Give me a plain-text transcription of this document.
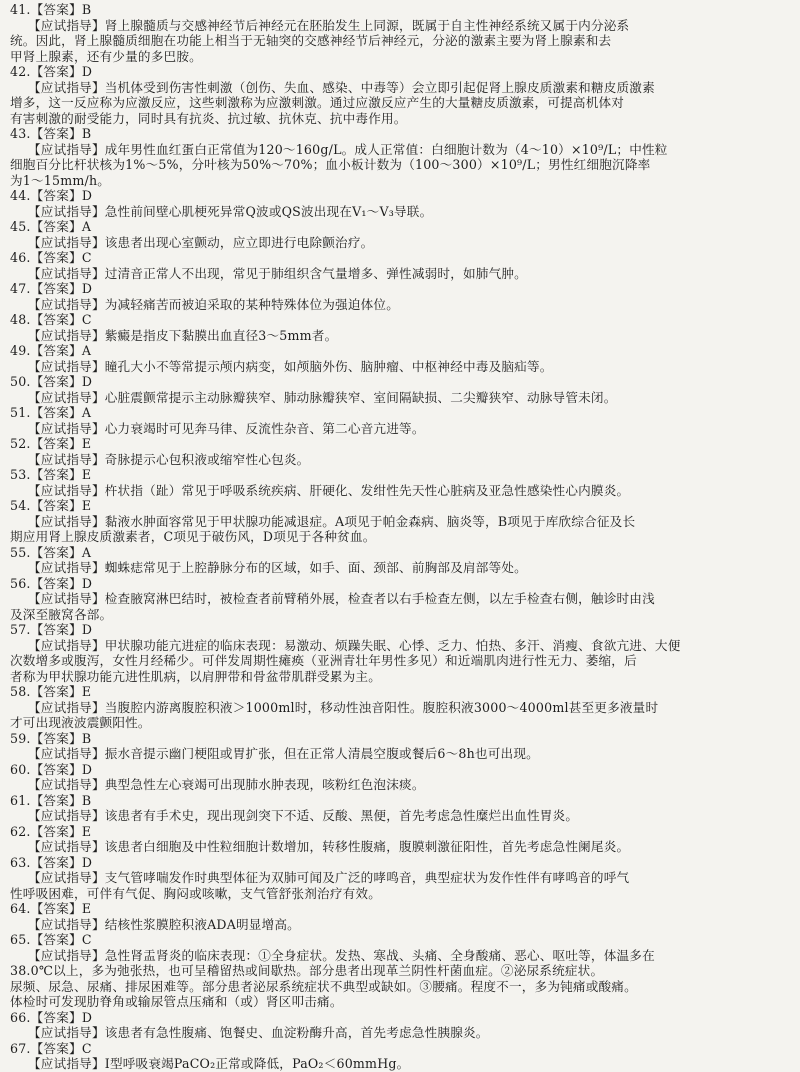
41.【答案】B
【应试指导】肾上腺髓质与交感神经节后神经元在胚胎发生上同源，既属于自主性神经系统又属于内分泌系
统。因此，肾上腺髓质细胞在功能上相当于无轴突的交感神经节后神经元，分泌的激素主要为肾上腺素和去
甲肾上腺素，还有少量的多巴胺。
42.【答案】D
【应试指导】当机体受到伤害性刺激（创伤、失血、感染、中毒等）会立即引起促肾上腺皮质激素和糖皮质激素
增多，这一反应称为应激反应，这些刺激称为应激刺激。通过应激反应产生的大量糖皮质激素，可提高机体对
有害刺激的耐受能力，同时具有抗炎、抗过敏、抗休克、抗中毒作用。
43.【答案】B
【应试指导】成年男性血红蛋白正常值为120～160g/L。成人正常值：白细胞计数为（4～10）×10⁹/L；中性粒
细胞百分比杆状核为1%～5%，分叶核为50%～70%；血小板计数为（100～300）×10⁹/L；男性红细胞沉降率
为1～15mm/h。
44.【答案】D
【应试指导】急性前间壁心肌梗死异常Q波或QS波出现在V₁～V₃导联。
45.【答案】A
【应试指导】该患者出现心室颤动，应立即进行电除颤治疗。
46.【答案】C
【应试指导】过清音正常人不出现，常见于肺组织含气量增多、弹性减弱时，如肺气肿。
47.【答案】D
【应试指导】为减轻痛苦而被迫采取的某种特殊体位为强迫体位。
48.【答案】C
【应试指导】紫癜是指皮下黏膜出血直径3～5mm者。
49.【答案】A
【应试指导】瞳孔大小不等常提示颅内病变，如颅脑外伤、脑肿瘤、中枢神经中毒及脑疝等。
50.【答案】D
【应试指导】心脏震颤常提示主动脉瓣狭窄、肺动脉瓣狭窄、室间隔缺损、二尖瓣狭窄、动脉导管未闭。
51.【答案】A
【应试指导】心力衰竭时可见奔马律、反流性杂音、第二心音亢进等。
52.【答案】E
【应试指导】奇脉提示心包积液或缩窄性心包炎。
53.【答案】E
【应试指导】杵状指（趾）常见于呼吸系统疾病、肝硬化、发绀性先天性心脏病及亚急性感染性心内膜炎。
54.【答案】E
【应试指导】黏液水肿面容常见于甲状腺功能减退症。A项见于帕金森病、脑炎等，B项见于库欣综合征及长
期应用肾上腺皮质激素者，C项见于破伤风，D项见于各种贫血。
55.【答案】A
【应试指导】蜘蛛痣常见于上腔静脉分布的区域，如手、面、颈部、前胸部及肩部等处。
56.【答案】D
【应试指导】检查腋窝淋巴结时，被检查者前臂稍外展，检查者以右手检查左侧，以左手检查右侧，触诊时由浅
及深至腋窝各部。
57.【答案】D
【应试指导】甲状腺功能亢进症的临床表现：易激动、烦躁失眠、心悸、乏力、怕热、多汗、消瘦、食欲亢进、大便
次数增多或腹泻，女性月经稀少。可伴发周期性瘫痪（亚洲青壮年男性多见）和近端肌肉进行性无力、萎缩，后
者称为甲状腺功能亢进性肌病，以肩胛带和骨盆带肌群受累为主。
58.【答案】E
【应试指导】当腹腔内游离腹腔积液＞1000ml时，移动性浊音阳性。腹腔积液3000～4000ml甚至更多液量时
才可出现液波震颤阳性。
59.【答案】B
【应试指导】振水音提示幽门梗阻或胃扩张，但在正常人清晨空腹或餐后6～8h也可出现。
60.【答案】D
【应试指导】典型急性左心衰竭可出现肺水肿表现，咳粉红色泡沫痰。
61.【答案】B
【应试指导】该患者有手术史，现出现剑突下不适、反酸、黑便，首先考虑急性糜烂出血性胃炎。
62.【答案】E
【应试指导】该患者白细胞及中性粒细胞计数增加，转移性腹痛，腹膜刺激征阳性，首先考虑急性阑尾炎。
63.【答案】D
【应试指导】支气管哮喘发作时典型体征为双肺可闻及广泛的哮鸣音，典型症状为发作性伴有哮鸣音的呼气
性呼吸困难，可伴有气促、胸闷或咳嗽，支气管舒张剂治疗有效。
64.【答案】E
【应试指导】结核性浆膜腔积液ADA明显增高。
65.【答案】C
【应试指导】急性肾盂肾炎的临床表现：①全身症状。发热、寒战、头痛、全身酸痛、恶心、呕吐等，体温多在
38.0℃以上，多为弛张热，也可呈稽留热或间歇热。部分患者出现革兰阴性杆菌血症。②泌尿系统症状。
尿频、尿急、尿痛、排尿困难等。部分患者泌尿系统症状不典型或缺如。③腰痛。程度不一，多为钝痛或酸痛。
体检时可发现肋脊角或输尿管点压痛和（或）肾区叩击痛。
66.【答案】D
【应试指导】该患者有急性腹痛、饱餐史、血淀粉酶升高，首先考虑急性胰腺炎。
67.【答案】C
【应试指导】Ⅰ型呼吸衰竭PaCO₂正常或降低，PaO₂＜60mmHg。
